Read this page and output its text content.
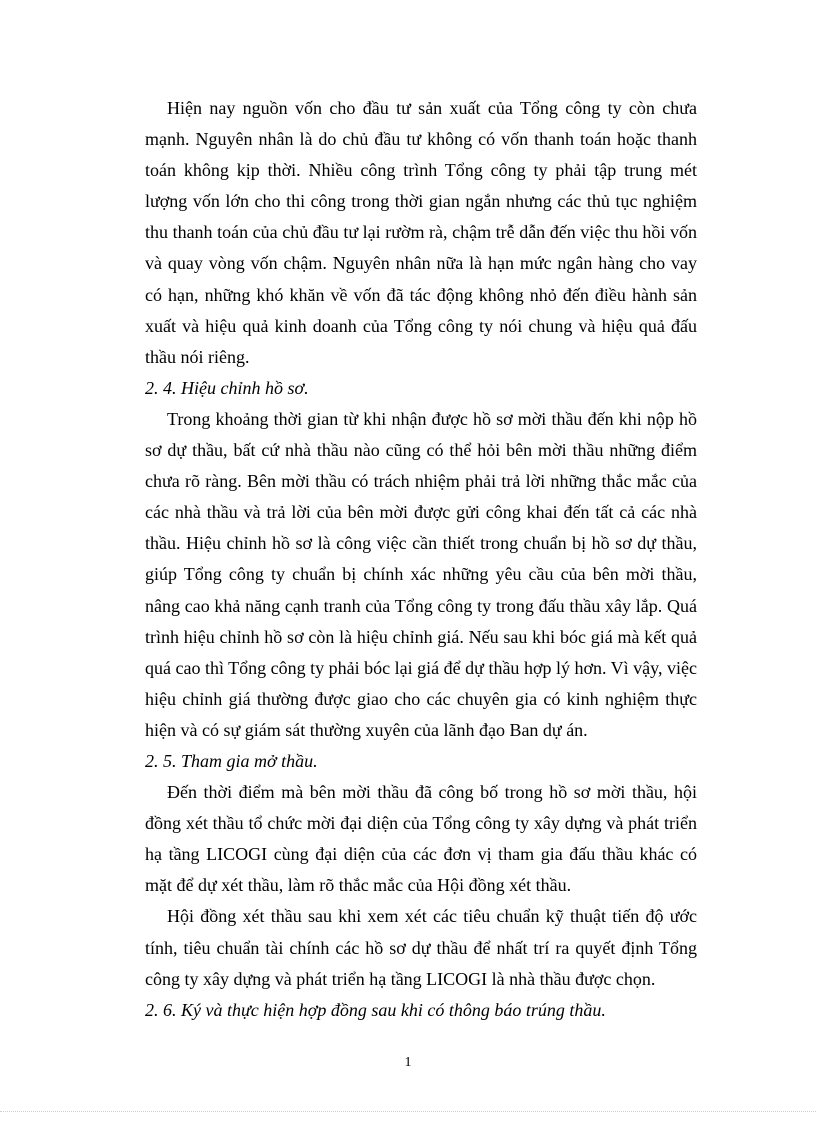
Hiện nay nguồn vốn cho đầu tư sản xuất của Tổng công ty còn chưa mạnh. Nguyên nhân là do chủ đầu tư không có vốn thanh toán hoặc thanh toán không kịp thời. Nhiều công trình Tổng công ty phải tập trung mét lượng vốn lớn cho thi công trong thời gian ngắn nhưng các thủ tục nghiệm thu thanh toán của chủ đầu tư lại rườm rà, chậm trễ dẫn đến việc thu hồi vốn và quay vòng vốn chậm. Nguyên nhân nữa là hạn mức ngân hàng cho vay có hạn, những khó khăn về vốn đã tác động không nhỏ đến điều hành sản xuất và hiệu quả kinh doanh của Tổng công ty nói chung và hiệu quả đấu thầu nói riêng.

2. 4. Hiệu chỉnh hồ sơ.

Trong khoảng thời gian từ khi nhận được hồ sơ mời thầu đến khi nộp hồ sơ dự thầu, bất cứ nhà thầu nào cũng có thể hỏi bên mời thầu những điểm chưa rõ ràng. Bên mời thầu có trách nhiệm phải trả lời những thắc mắc của các nhà thầu và trả lời của bên mời được gửi công khai đến tất cả các nhà thầu. Hiệu chỉnh hồ sơ là công việc cần thiết trong chuẩn bị hồ sơ dự thầu, giúp Tổng công ty chuẩn bị chính xác những yêu cầu của bên mời thầu, nâng cao khả năng cạnh tranh của Tổng công ty trong đấu thầu xây lắp. Quá trình hiệu chỉnh hồ sơ còn là hiệu chỉnh giá. Nếu sau khi bóc giá mà kết quả quá cao thì Tổng công ty phải bóc lại giá để dự thầu hợp lý hơn. Vì vậy, việc hiệu chỉnh giá thường được giao cho các chuyên gia có kinh nghiệm thực hiện và có sự giám sát thường xuyên của lãnh đạo Ban dự án.

2. 5. Tham gia mở thầu.

Đến thời điểm mà bên mời thầu đã công bố trong hồ sơ mời thầu, hội đồng xét thầu tổ chức mời đại diện của Tổng công ty xây dựng và phát triển hạ tầng LICOGI cùng đại diện của các đơn vị tham gia đấu thầu khác có mặt để dự xét thầu, làm rõ thắc mắc của Hội đồng xét thầu.

Hội đồng xét thầu sau khi xem xét các tiêu chuẩn kỹ thuật tiến độ ước tính, tiêu chuẩn tài chính các hồ sơ dự thầu để nhất trí ra quyết định Tổng công ty xây dựng và phát triển hạ tầng LICOGI là nhà thầu được chọn.

2. 6. Ký và thực hiện hợp đồng sau khi có thông báo trúng thầu.

1
